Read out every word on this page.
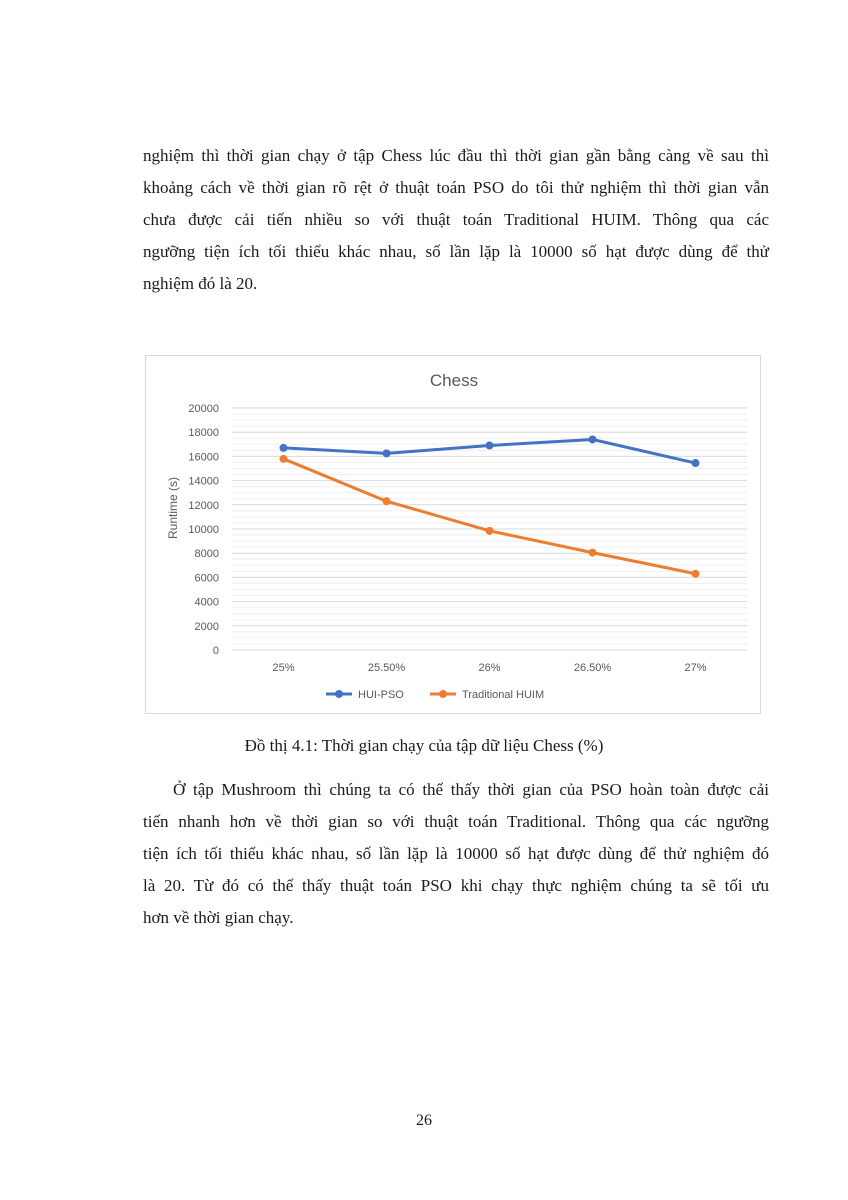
nghiệm thì thời gian chạy ở tập Chess lúc đầu thì thời gian gần bằng càng về sau thì
khoảng cách về thời gian rõ rệt ở thuật toán PSO do tôi thử nghiệm thì thời gian vẫn
chưa được cải tiến nhiều so với thuật toán Traditional HUIM. Thông qua các
ngưỡng tiện ích tối thiểu khác nhau, số lần lặp là 10000 số hạt được dùng để thử
nghiệm đó là 20.
Chess
0
2000
4000
6000
8000
10000
12000
14000
16000
18000
20000
25%	25.50%	26%	26.50%	27%
Runtime (s)
HUI-PSO	Traditional HUIM

Đồ thị 4.1: Thời gian chạy của tập dữ liệu Chess (%)

Ở tập Mushroom thì chúng ta có thể thấy thời gian của PSO hoàn toàn được cải
tiến nhanh hơn về thời gian so với thuật toán Traditional. Thông qua các ngưỡng
tiện ích tối thiểu khác nhau, số lần lặp là 10000 số hạt được dùng để thử nghiệm đó
là 20. Từ đó có thể thấy thuật toán PSO khi chạy thực nghiệm chúng ta sẽ tối ưu
hơn về thời gian chạy.

26
